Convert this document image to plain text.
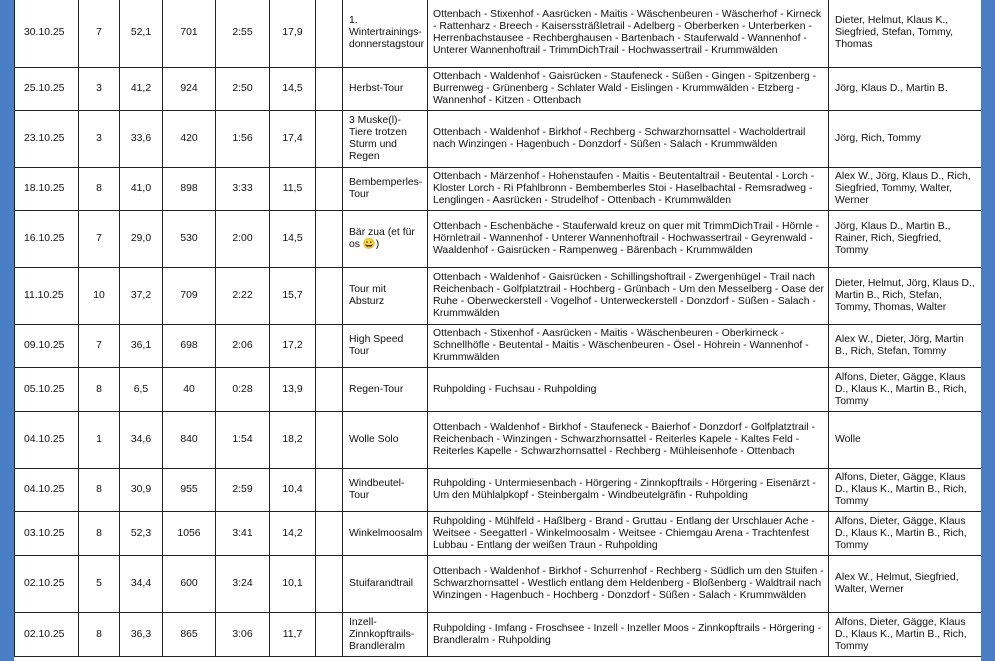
30.10.25	7	52,1	701	2:55	17,9		1. Wintertrainings-donnerstagstour	Ottenbach - Stixenhof - Aasrücken - Maitis - Wäschenbeuren - Wäscherhof - Kirneck - Rattenharz - Breech - Kaiserssträßletrail - Adelberg - Oberberken - Unterberken - Herrenbachstausee - Rechberghausen - Bartenbach - Stauferwald - Wannenhof - Unterer Wannenhoftrail - TrimmDichTrail - Hochwassertrail - Krummwälden	Dieter, Helmut, Klaus K., Siegfried, Stefan, Tommy, Thomas
25.10.25	3	41,2	924	2:50	14,5		Herbst-Tour	Ottenbach - Waldenhof - Gaisrücken - Staufeneck - Süßen - Gingen - Spitzenberg - Burrenweg - Grünenberg - Schlater Wald - Eislingen - Krummwälden - Etzberg - Wannenhof - Kitzen - Ottenbach	Jörg, Klaus D., Martin B.
23.10.25	3	33,6	420	1:56	17,4		3 Muske(l)-Tiere trotzen Sturm und Regen	Ottenbach - Waldenhof - Birkhof - Rechberg - Schwarzhornsattel - Wacholdertrail nach Winzingen - Hagenbuch - Donzdorf - Süßen - Salach - Krummwälden	Jörg, Rich, Tommy
18.10.25	8	41,0	898	3:33	11,5		Bembemperles-Tour	Ottenbach - Märzenhof - Hohenstaufen - Maitis - Beutentaltrail - Beutental - Lorch - Kloster Lorch - Ri Pfahlbronn - Bembemberles Stoi - Haselbachtal - Remsradweg - Lenglingen - Aasrücken - Strudelhof - Ottenbach - Krummwälden	Alex W., Jörg, Klaus D., Rich, Siegfried, Tommy, Walter, Werner
16.10.25	7	29,0	530	2:00	14,5		Bär zua (et für os 😀)	Ottenbach - Eschenbäche - Stauferwald kreuz on quer mit TrimmDichTrail - Hörnle - Hörnletrail - Wannenhof - Unterer Wannenhoftrail - Hochwassertrail - Geyrenwald - Waaldenhof - Gaisrücken - Rampenweg - Bärenbach - Krummwälden	Jörg, Klaus D., Martin B., Rainer, Rich, Siegfried, Tommy
11.10.25	10	37,2	709	2:22	15,7		Tour mit Absturz	Ottenbach - Waldenhof - Gaisrücken - Schillingshoftrail - Zwergenhügel - Trail nach Reichenbach - Golfplatztrail - Hochberg - Grünbach - Um den Messelberg - Oase der Ruhe - Oberweckerstell - Vogelhof - Unterweckerstell - Donzdorf - Süßen - Salach - Krummwälden	Dieter, Helmut, Jörg, Klaus D., Martin B., Rich, Stefan, Tommy, Thomas, Walter
09.10.25	7	36,1	698	2:06	17,2		High Speed Tour	Ottenbach - Stixenhof - Aasrücken - Maitis - Wäschenbeuren - Oberkirneck - Schnellhöfle - Beutental - Maitis - Wäschenbeuren - Ösel - Hohrein - Wannenhof - Krummwälden	Alex W., Dieter, Jörg, Martin B., Rich, Stefan, Tommy
05.10.25	8	6,5	40	0:28	13,9		Regen-Tour	Ruhpolding - Fuchsau - Ruhpolding	Alfons, Dieter, Gägge, Klaus D., Klaus K., Martin B., Rich, Tommy
04.10.25	1	34,6	840	1:54	18,2		Wolle Solo	Ottenbach - Waldenhof - Birkhof - Staufeneck - Baierhof - Donzdorf - Golfplatztrail - Reichenbach - Winzingen - Schwarzhornsattel - Reiterles Kapele - Kaltes Feld - Reiterles Kapelle - Schwarzhornsattel - Rechberg - Mühleisenhofe - Ottenbach	Wolle
04.10.25	8	30,9	955	2:59	10,4		Windbeutel-Tour	Ruhpolding - Untermiesenbach - Hörgering - Zinnkopftrails - Hörgering - Eisenärzt - Um den Mühlalpkopf - Steinbergalm - Windbeutelgräfin - Ruhpolding	Alfons, Dieter, Gägge, Klaus D., Klaus K., Martin B., Rich, Tommy
03.10.25	8	52,3	1056	3:41	14,2		Winkelmoosalm	Ruhpolding - Mühlfeld - Haßlberg - Brand - Gruttau - Entlang der Urschlauer Ache - Weitsee - Seegatterl - Winkelmoosalm - Weitsee - Chiemgau Arena - Trachtenfest Lubbau - Entlang der weißen Traun - Ruhpolding	Alfons, Dieter, Gägge, Klaus D., Klaus K., Martin B., Rich, Tommy
02.10.25	5	34,4	600	3:24	10,1		Stuifarandtrail	Ottenbach - Waldenhof - Birkhof - Schurrenhof - Rechberg - Südlich um den Stuifen - Schwarzhornsattel - Westlich entlang dem Heldenberg - Bloßenberg - Waldtrail nach Winzingen - Hagenbuch - Hochberg - Donzdorf - Süßen - Salach - Krummwälden	Alex W., Helmut, Siegfried, Walter, Werner
02.10.25	8	36,3	865	3:06	11,7		Inzell-Zinnkopftrails-Brandleralm	Ruhpolding - Imfang - Froschsee - Inzell - Inzeller Moos - Zinnkopftrails - Hörgering - Brandleralm - Ruhpolding	Alfons, Dieter, Gägge, Klaus D., Klaus K., Martin B., Rich, Tommy
